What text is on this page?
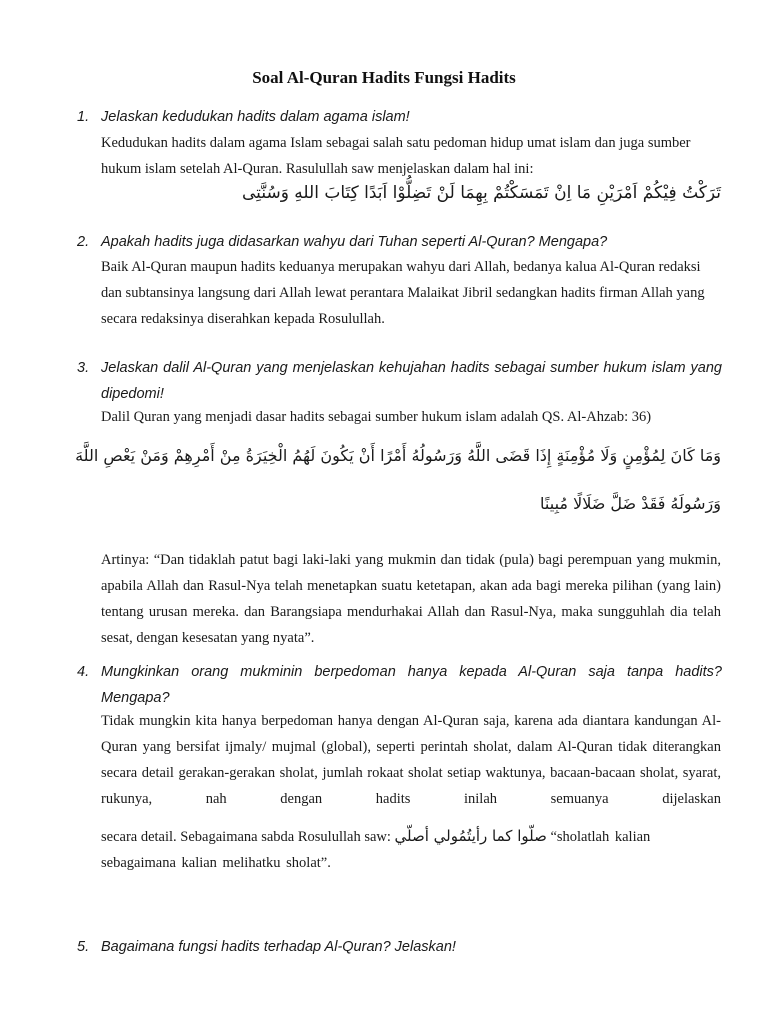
Soal Al-Quran Hadits Fungsi Hadits
1. Jelaskan kedudukan hadits dalam agama islam!
Kedudukan hadits dalam agama Islam sebagai salah satu pedoman hidup umat islam dan juga sumber hukum islam setelah Al-Quran. Rasulullah saw menjelaskan dalam hal ini:
تَرَكْتُ فِيْكُمْ اَمْرَيْنِ مَا اِنْ تَمَسَكْتُمْ بِهِمَا لَنْ تَضِلُّوْا اَبَدًا كِتَابَ اللهِ وَسُنَّتِى
2. Apakah hadits juga didasarkan wahyu dari Tuhan seperti Al-Quran? Mengapa?
Baik Al-Quran maupun hadits keduanya merupakan wahyu dari Allah, bedanya kalua Al-Quran redaksi dan subtansinya langsung dari Allah lewat perantara Malaikat Jibril sedangkan hadits firman Allah yang secara redaksinya diserahkan kepada Rosulullah.
3. Jelaskan dalil Al-Quran yang menjelaskan kehujahan hadits sebagai sumber hukum islam yang dipedomi!
Dalil Quran yang menjadi dasar hadits sebagai sumber hukum islam adalah QS. Al-Ahzab: 36)
وَمَا كَانَ لِمُؤْمِنٍ وَلَا مُؤْمِنَةٍ إِذَا قَضَى اللَّهُ وَرَسُولُهُ أَمْرًا أَنْ يَكُونَ لَهُمُ الْخِيَرَةُ مِنْ أَمْرِهِمْ وَمَنْ يَعْصِ اللَّهَ
وَرَسُولَهُ فَقَدْ ضَلَّ ضَلَالًا مُبِينًا
Artinya: “Dan tidaklah patut bagi laki-laki yang mukmin dan tidak (pula) bagi perempuan yang mukmin, apabila Allah dan Rasul-Nya telah menetapkan suatu ketetapan, akan ada bagi mereka pilihan (yang lain) tentang urusan mereka. dan Barangsiapa mendurhakai Allah dan Rasul-Nya, maka sungguhlah dia telah sesat, dengan kesesatan yang nyata”.
4. Mungkinkan orang mukminin berpedoman hanya kepada Al-Quran saja tanpa hadits? Mengapa?
Tidak mungkin kita hanya berpedoman hanya dengan Al-Quran saja, karena ada diantara kandungan Al-Quran yang bersifat ijmaly/ mujmal (global), seperti perintah sholat, dalam Al-Quran tidak diterangkan secara detail gerakan-gerakan sholat, jumlah rokaat sholat setiap waktunya, bacaan-bacaan sholat, syarat, rukunya, nah dengan hadits inilah semuanya dijelaskan
secara detail. Sebagaimana sabda Rosulullah saw: صلّوا كما رأيتُمُولي أصلّي “sholatlah kalian sebagaimana kalian melihatku sholat”.
5. Bagaimana fungsi hadits terhadap Al-Quran? Jelaskan!
